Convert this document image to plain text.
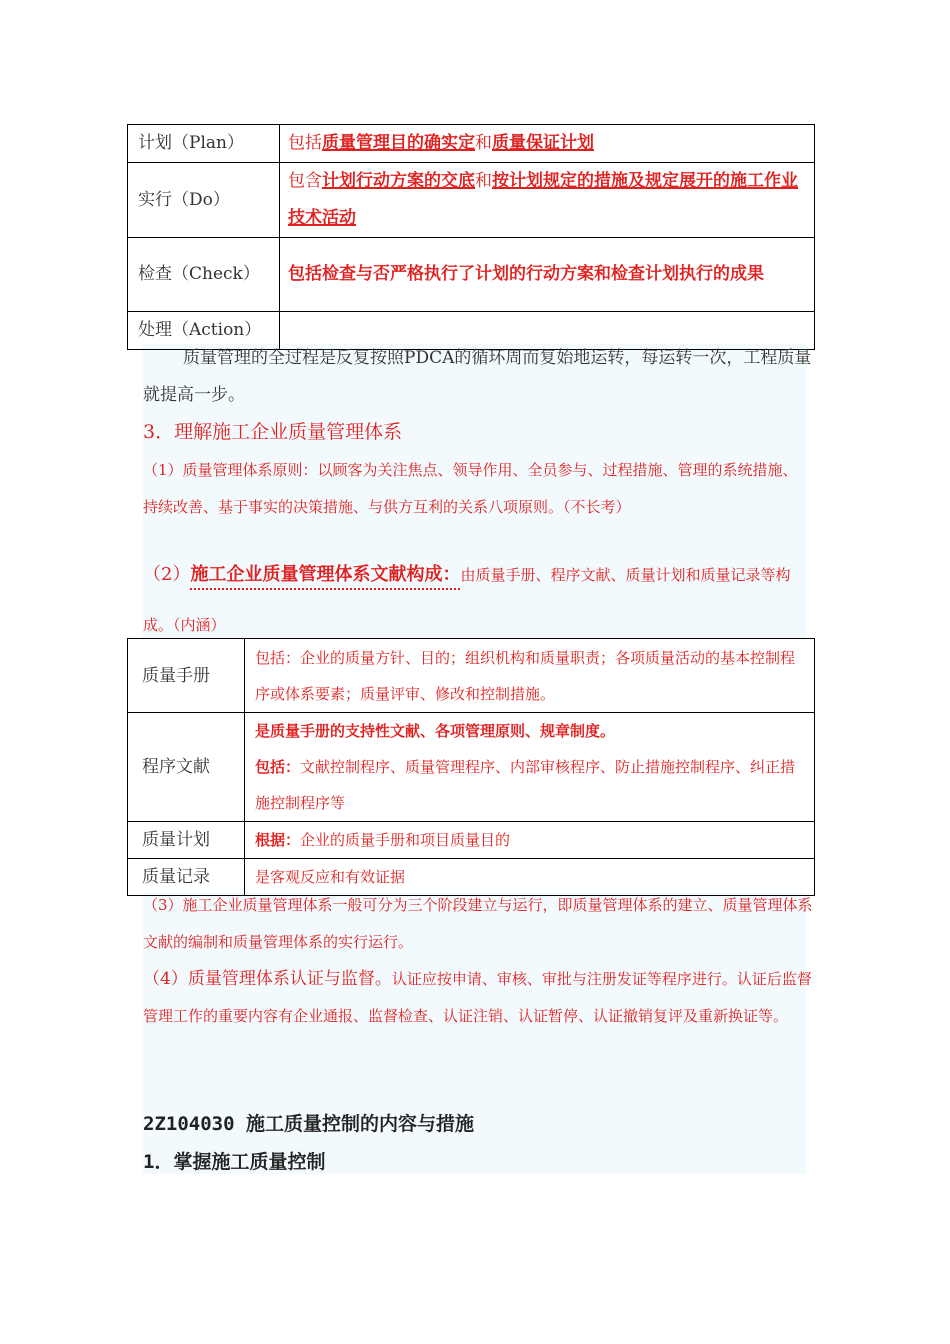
计划（Plan）	包括质量管理目的确实定和质量保证计划
实行（Do）	包含计划行动方案的交底和按计划规定的措施及规定展开的施工作业技术活动
检查（Check）	包括检查与否严格执行了计划的行动方案和检查计划执行的成果
处理（Action）	

质量管理的全过程是反复按照PDCA的循环周而复始地运转，每运转一次，工程质量就提高一步。

3．理解施工企业质量管理体系

（1）质量管理体系原则：以顾客为关注焦点、领导作用、全员参与、过程措施、管理的系统措施、持续改善、基于事实的决策措施、与供方互利的关系八项原则。（不长考）

（2）施工企业质量管理体系文献构成：由质量手册、程序文献、质量计划和质量记录等构成。（内涵）

质量手册	包括：企业的质量方针、目的；组织机构和质量职责；各项质量活动的基本控制程序或体系要素；质量评审、修改和控制措施。
程序文献	是质量手册的支持性文献、各项管理原则、规章制度。
包括：文献控制程序、质量管理程序、内部审核程序、防止措施控制程序、纠正措施控制程序等

质量计划	根据：企业的质量手册和项目质量目的
质量记录	是客观反应和有效证据

（3）施工企业质量管理体系一般可分为三个阶段建立与运行，即质量管理体系的建立、质量管理体系文献的编制和质量管理体系的实行运行。

（4）质量管理体系认证与监督。认证应按申请、审核、审批与注册发证等程序进行。认证后监督管理工作的重要内容有企业通报、监督检查、认证注销、认证暂停、认证撤销复评及重新换证等。

2Z104030 施工质量控制的内容与措施

1．掌握施工质量控制
